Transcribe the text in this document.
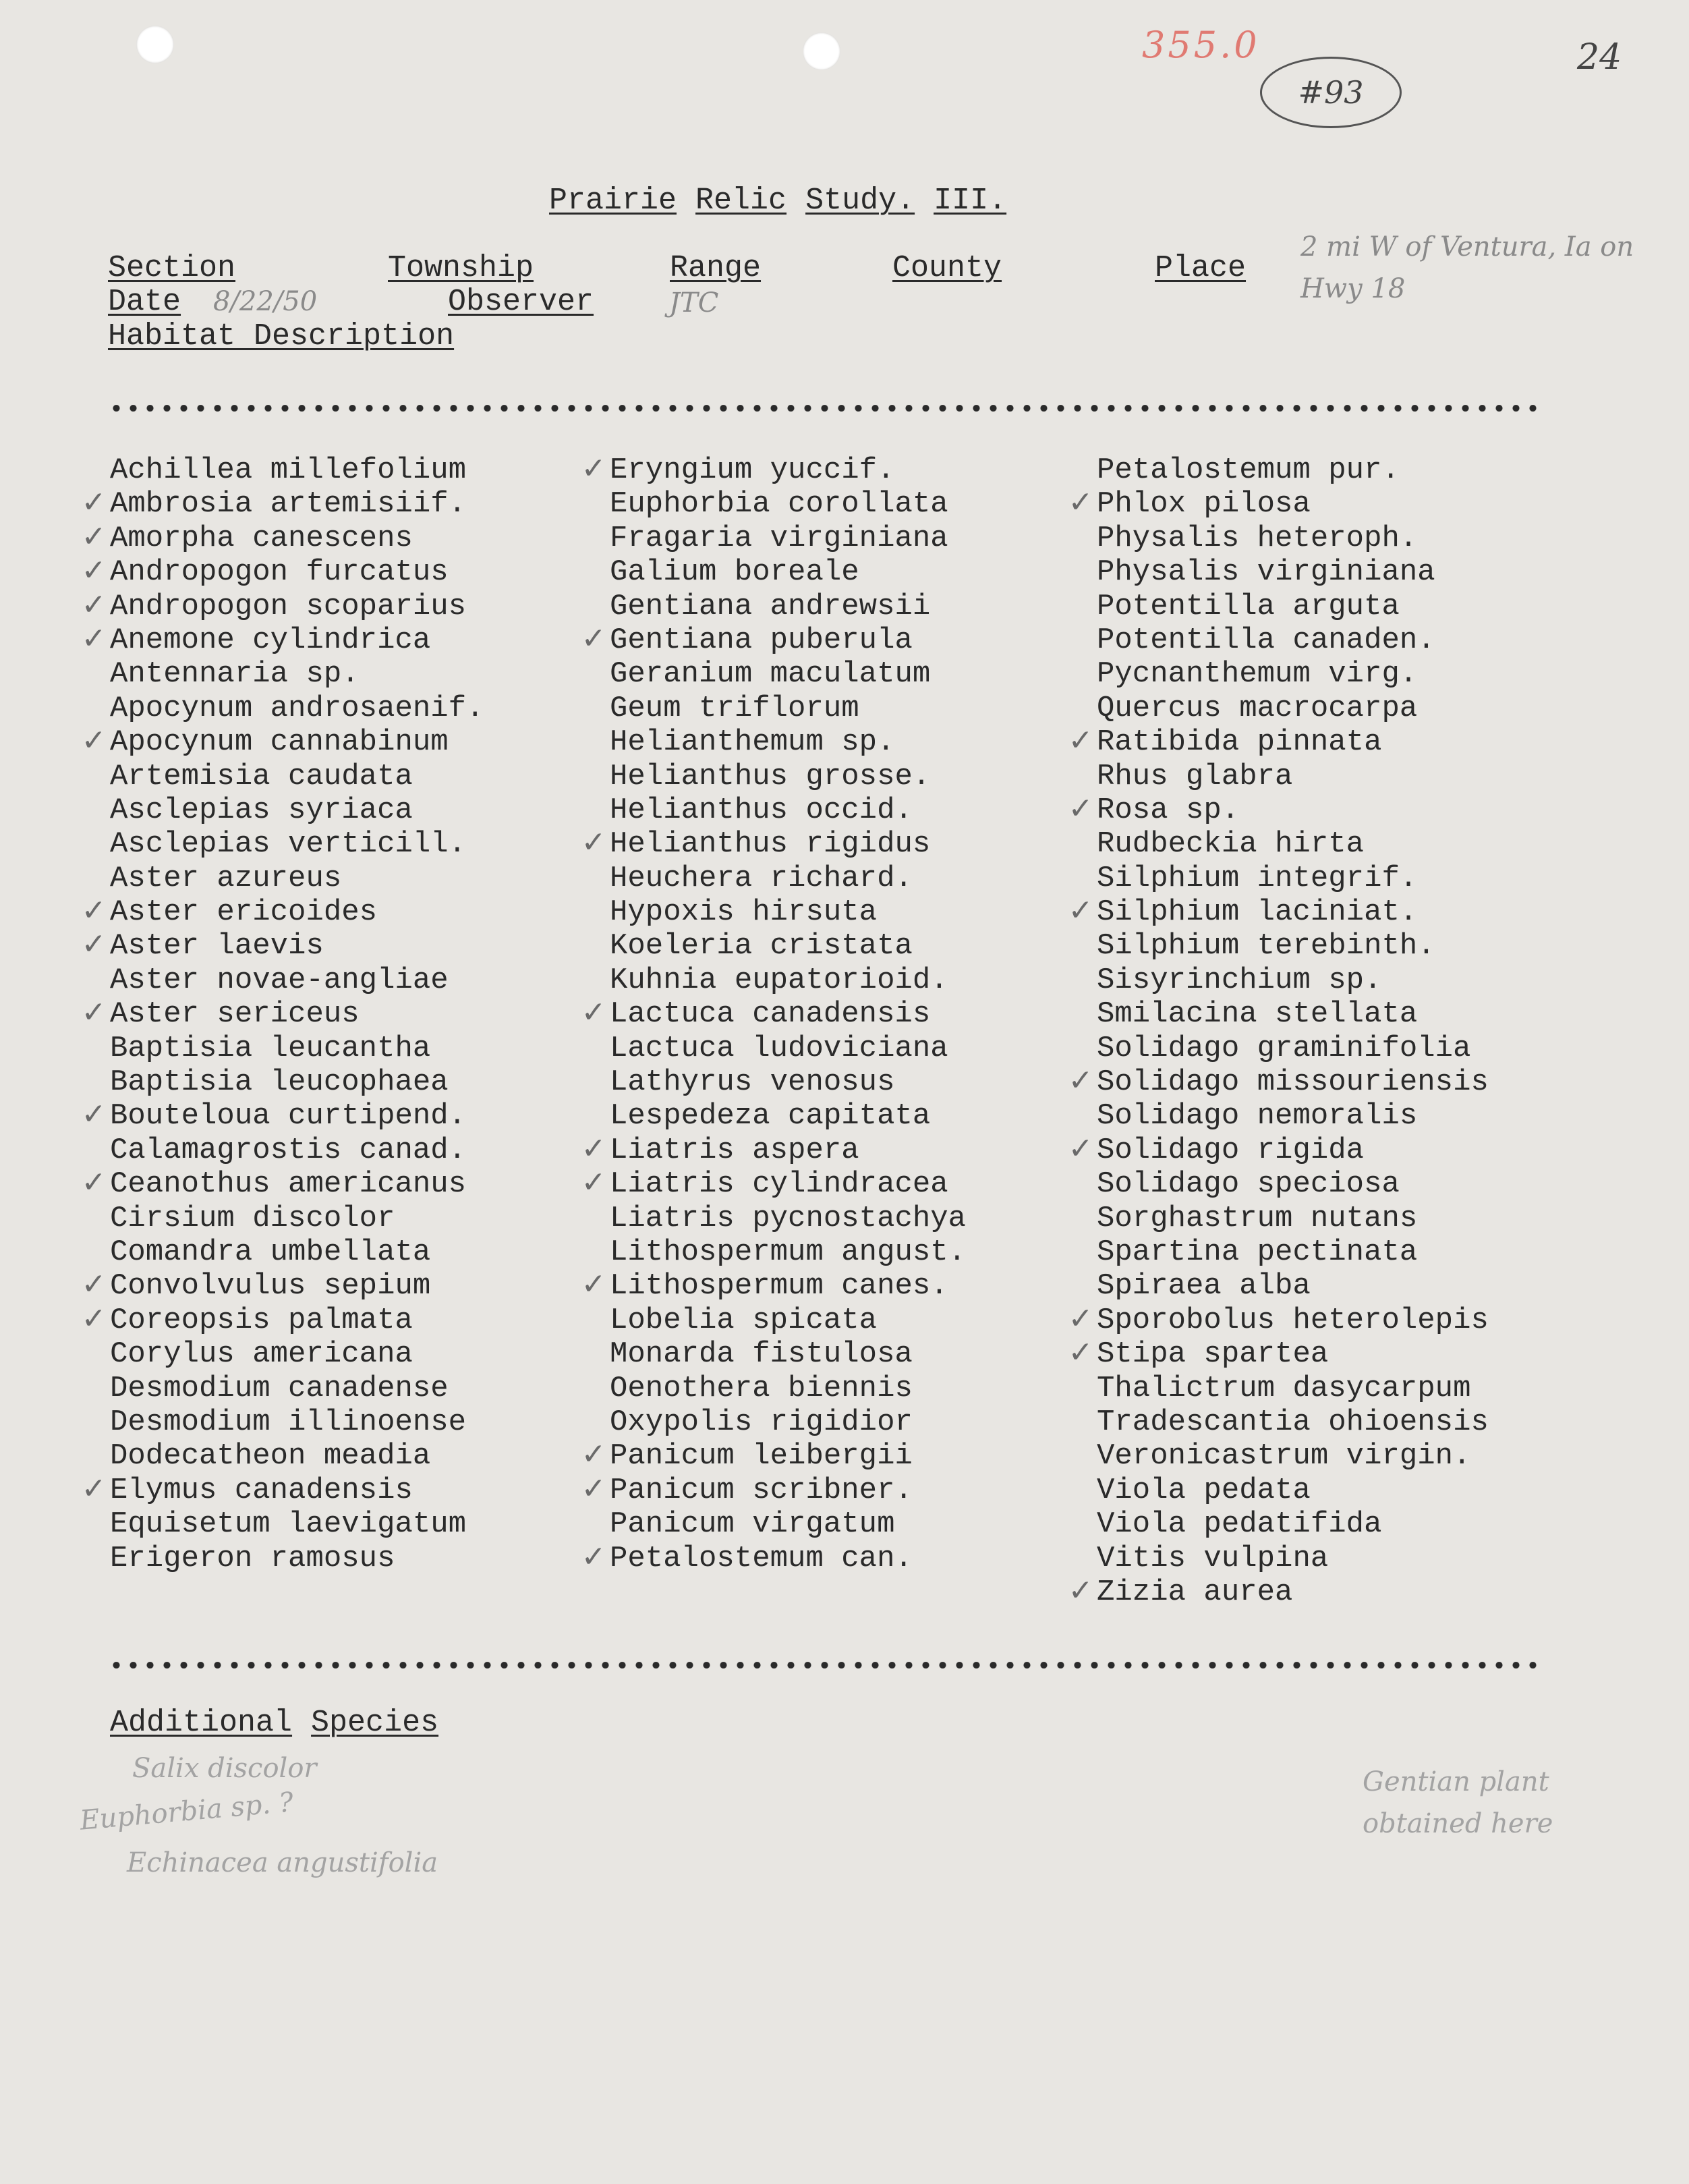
355.0
#93
24
Prairie Relic Study. III.
Section	Township	Range	County	Place
2 mi W of Ventura, Ia on Hwy 18
Date 8/22/50	Observer	JTC
Habitat Description
Achillea millefolium
✓ Ambrosia artemisiif.
✓ Amorpha canescens
✓ Andropogon furcatus
✓ Andropogon scoparius
✓ Anemone cylindrica
Antennaria sp.
Apocynum androsaenif.
✓ Apocynum cannabinum
Artemisia caudata
Asclepias syriaca
Asclepias verticill.
Aster azureus
✓ Aster ericoides
✓ Aster laevis
Aster novae-angliae
✓ Aster sericeus
Baptisia leucantha
Baptisia leucophaea
✓ Bouteloua curtipend.
Calamagrostis canad.
✓ Ceanothus americanus
Cirsium discolor
Comandra umbellata
✓ Convolvulus sepium
✓ Coreopsis palmata
Corylus americana
Desmodium canadense
Desmodium illinoense
Dodecatheon meadia
✓ Elymus canadensis
Equisetum laevigatum
Erigeron ramosus
✓ Eryngium yuccif.
Euphorbia corollata
Fragaria virginiana
Galium boreale
Gentiana andrewsii
✓ Gentiana puberula
Geranium maculatum
Geum triflorum
Helianthemum sp.
Helianthus grosse.
Helianthus occid.
✓ Helianthus rigidus
Heuchera richard.
Hypoxis hirsuta
Koeleria cristata
Kuhnia eupatorioid.
✓ Lactuca canadensis
Lactuca ludoviciana
Lathyrus venosus
Lespedeza capitata
✓ Liatris aspera
✓ Liatris cylindracea
Liatris pycnostachya
Lithospermum angust.
✓ Lithospermum canes.
Lobelia spicata
Monarda fistulosa
Oenothera biennis
Oxypolis rigidior
✓ Panicum leibergii
✓ Panicum scribner.
Panicum virgatum
✓ Petalostemum can.
Petalostemum pur.
✓ Phlox pilosa
Physalis heteroph.
Physalis virginiana
Potentilla arguta
Potentilla canaden.
Pycnanthemum virg.
Quercus macrocarpa
✓ Ratibida pinnata
Rhus glabra
✓ Rosa sp.
Rudbeckia hirta
Silphium integrif.
✓ Silphium laciniat.
Silphium terebinth.
Sisyrinchium sp.
Smilacina stellata
Solidago graminifolia
✓ Solidago missouriensis
Solidago nemoralis
✓ Solidago rigida
Solidago speciosa
Sorghastrum nutans
Spartina pectinata
Spiraea alba
✓ Sporobolus heterolepis
✓ Stipa spartea
Thalictrum dasycarpum
Tradescantia ohioensis
Veronicastrum virgin.
Viola pedata
Viola pedatifida
Vitis vulpina
✓ Zizia aurea
Additional Species
Salix discolor
Euphorbia sp. ?
Echinacea angustifolia
Gentian plant obtained here
